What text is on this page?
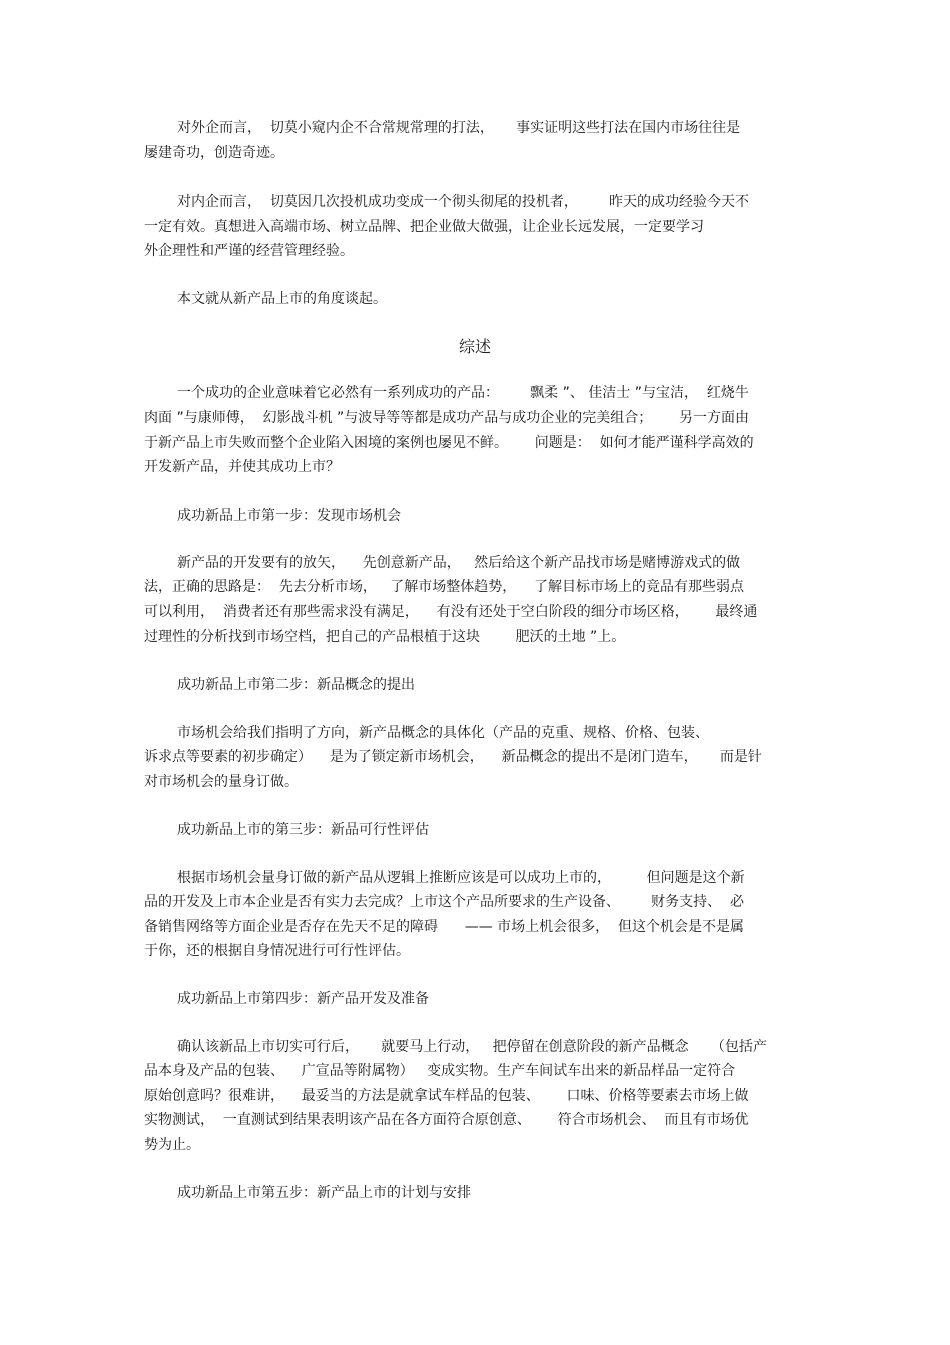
对外企而言，  切莫小窥内企不合常规常理的打法，     事实证明这些打法在国内市场往往是
屡建奇功，创造奇迹。
对内企而言，  切莫因几次投机成功变成一个彻头彻尾的投机者，       昨天的成功经验今天不
一定有效。真想进入高端市场、树立品牌、把企业做大做强，让企业长远发展，一定要学习
外企理性和严谨的经营管理经验。
本文就从新产品上市的角度谈起。
综述
一个成功的企业意味着它必然有一系列成功的产品：       飘柔 ”、 佳洁士 ”与宝洁，  红烧牛
肉面 ”与康师傅，  幻影战斗机 ”与波导等等都是成功产品与成功企业的完美组合；      另一方面由
于新产品上市失败而整个企业陷入困境的案例也屡见不鲜。      问题是：  如何才能严谨科学高效的
开发新产品，并使其成功上市？
成功新品上市第一步：发现市场机会
新产品的开发要有的放矢，    先创意新产品，   然后给这个新产品找市场是赌博游戏式的做
法，正确的思路是：  先去分析市场，   了解市场整体趋势，    了解目标市场上的竞品有那些弱点
可以利用，  消费者还有那些需求没有满足，    有没有还处于空白阶段的细分市场区格，      最终通
过理性的分析找到市场空档，把自己的产品根植于这块        肥沃的土地 ”上。
成功新品上市第二步：新品概念的提出
市场机会给我们指明了方向，新产品概念的具体化（产品的克重、规格、价格、包装、
诉求点等要素的初步确定）    是为了锁定新市场机会，    新品概念的提出不是闭门造车，     而是针
对市场机会的量身订做。
成功新品上市的第三步：新品可行性评估
根据市场机会量身订做的新产品从逻辑上推断应该是可以成功上市的，        但问题是这个新
品的开发及上市本企业是否有实力去完成？上市这个产品所要求的生产设备、       财务支持、  必
备销售网络等方面企业是否存在先天不足的障碍      —— 市场上机会很多，  但这个机会是不是属
于你，还的根据自身情况进行可行性评估。
成功新品上市第四步：新产品开发及准备
确认该新品上市切实可行后，     就要马上行动，   把停留在创意阶段的新产品概念     （包括产
品本身及产品的包装、    广宣品等附属物）   变成实物。生产车间试车出来的新品样品一定符合
原始创意吗？很难讲，    最妥当的方法是就拿试车样品的包装、      口味、价格等要素去市场上做
实物测试，  一直测试到结果表明该产品在各方面符合原创意、      符合市场机会、  而且有市场优
势为止。
成功新品上市第五步：新产品上市的计划与安排
